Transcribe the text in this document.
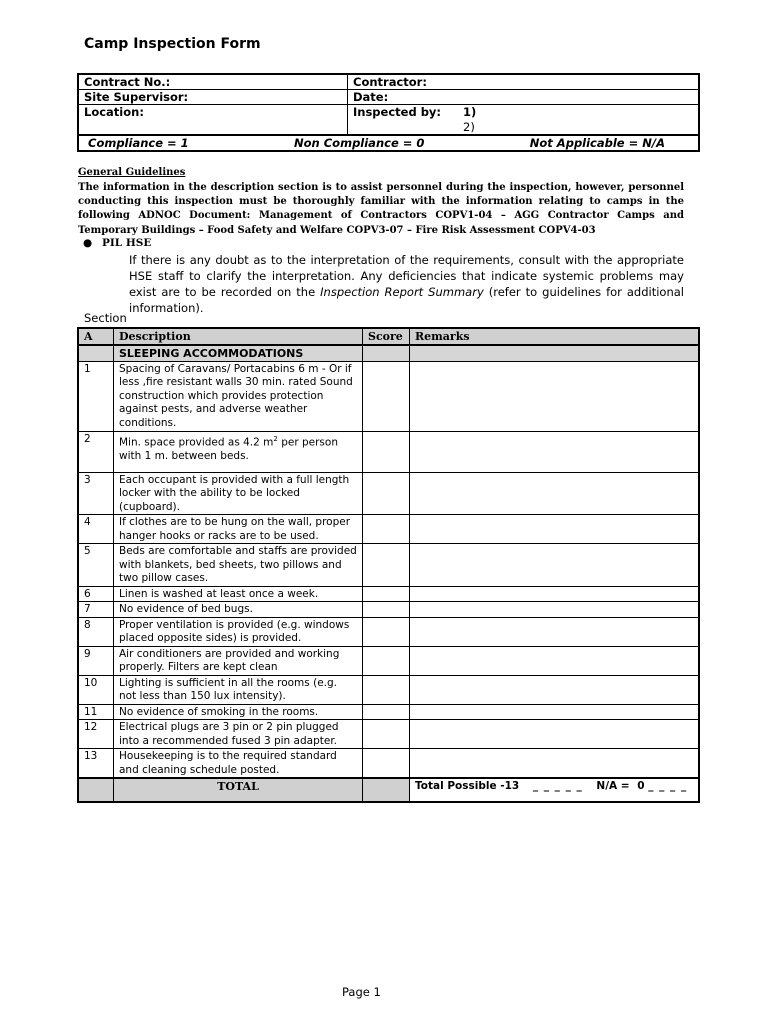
Camp Inspection Form
Contract No.:	Contractor:
Site Supervisor:	Date:
Location:	Inspected by: 1)
2)

Compliance = 1 Non Compliance = 0 Not Applicable = N/A	
General Guidelines
The information in the description section is to assist personnel during the inspection, however, personnel conducting this inspection must be thoroughly familiar with the information relating to camps in the following ADNOC Document: Management of Contractors COPV1-04 – AGG Contractor Camps and Temporary Buildings – Food Safety and Welfare COPV3-07 – Fire Risk Assessment COPV4-03
● PIL HSE
If there is any doubt as to the interpretation of the requirements, consult with the appropriate HSE staff to clarify the interpretation. Any deficiencies that indicate systemic problems may exist are to be recorded on the Inspection Report Summary (refer to guidelines for additional information).
Section
A	Description	Score	Remarks
	SLEEPING ACCOMMODATIONS		
1	Spacing of Caravans/ Portacabins 6 m - Or if less ,fire resistant walls 30 min. rated Sound construction which provides protection against pests, and adverse weather conditions.		
2	Min. space provided as 4.2 $m^2$ per person with 1 m. between beds.		
3	Each occupant is provided with a full length locker with the ability to be locked (cupboard).		
4	If clothes are to be hung on the wall, proper hanger hooks or racks are to be used.		
5	Beds are comfortable and staffs are provided with blankets, bed sheets, two pillows and two pillow cases.		
6	Linen is washed at least once a week.		
7	No evidence of bed bugs.		
8	Proper ventilation is provided (e.g. windows placed opposite sides) is provided.		
9	Air conditioners are provided and working properly. Filters are kept clean		
10	Lighting is sufficient in all the rooms (e.g. not less than 150 lux intensity).		
11	No evidence of smoking in the rooms.		
12	Electrical plugs are 3 pin or 2 pin plugged into a recommended fused 3 pin adapter.		
13	Housekeeping is to the required standard and cleaning schedule posted.		
	TOTAL		Total Possible -13 _ _ _ _ _ N/A = 0 _ _ _ _
Page 1
